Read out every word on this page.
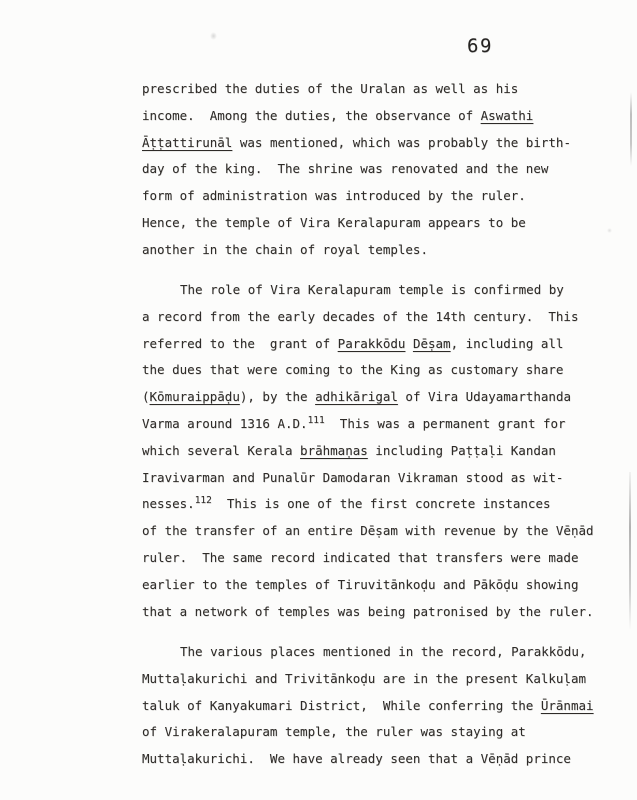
69
prescribed the duties of the Uralan as well as his
income.  Among the duties, the observance of Aswathi
Āṭṭattirunāl was mentioned, which was probably the birth-
day of the king.  The shrine was renovated and the new
form of administration was introduced by the ruler.
Hence, the temple of Vira Keralapuram appears to be
another in the chain of royal temples.
The role of Vira Keralapuram temple is confirmed by
a record from the early decades of the 14th century.  This
referred to the  grant of Parakkōdu Dēṣam, including all
the dues that were coming to the King as customary share
(Kōmuraippāḍu), by the adhikārigal of Vira Udayamarthanda
Varma around 1316 A.D.$^{111}$  This was a permanent grant for
which several Kerala brāhmaṇas including Paṭṭaḷi Kandan
Iravivarman and Punalūr Damodaran Vikraman stood as wit-
nesses.$^{112}$  This is one of the first concrete instances
of the transfer of an entire Dēṣam with revenue by the Vēṇād
ruler.  The same record indicated that transfers were made
earlier to the temples of Tiruvitānkoḍu and Pākōḍu showing
that a network of temples was being patronised by the ruler.
The various places mentioned in the record, Parakkōdu,
Muttaḷakurichi and Trivitānkoḍu are in the present Kalkuḷam
taluk of Kanyakumari District,  While conferring the Ūrānmai
of Virakeralapuram temple, the ruler was staying at
Muttaḷakurichi.  We have already seen that a Vēṇād prince
